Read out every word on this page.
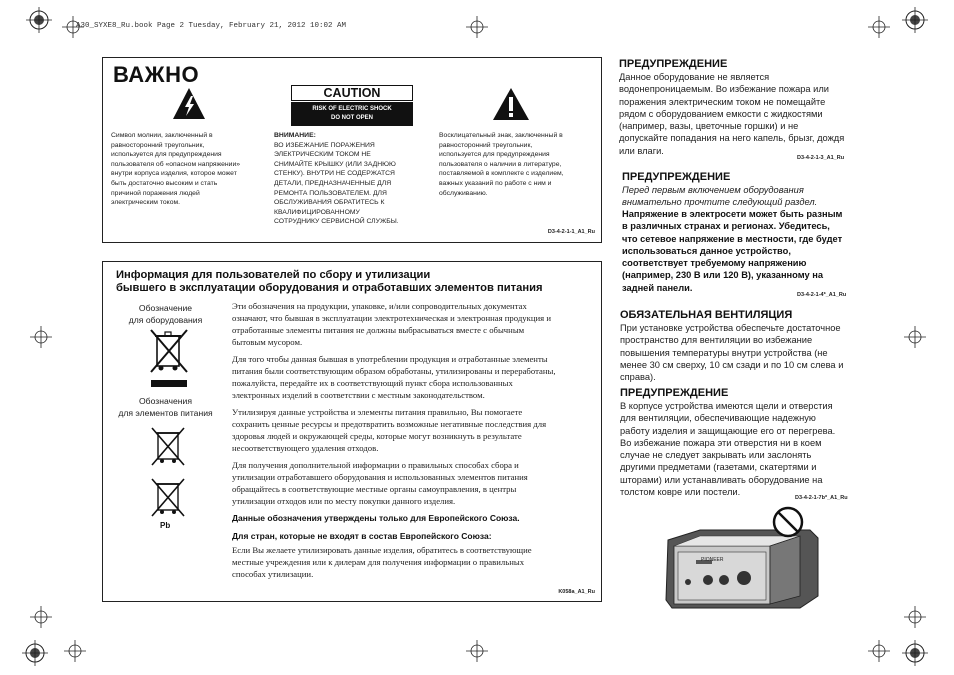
A30_SYXE8_Ru.book Page 2 Tuesday, February 21, 2012 10:02 AM
ВАЖНО
CAUTION
RISK OF ELECTRIC SHOCK
DO NOT OPEN
Символ молнии, заключенный в
равносторонний треугольник,
используется для предупреждения
пользователя об «опасном напряжении»
внутри корпуса изделия, которое может
быть достаточно высоким и стать
причиной поражения людей
электрическим током.
ВНИМАНИЕ:
ВО ИЗБЕЖАНИЕ ПОРАЖЕНИЯ
ЭЛЕКТРИЧЕСКИМ ТОКОМ НЕ
СНИМАЙТЕ КРЫШКУ (ИЛИ ЗАДНЮЮ
СТЕНКУ). ВНУТРИ НЕ СОДЕРЖАТСЯ
ДЕТАЛИ, ПРЕДНАЗНАЧЕННЫЕ ДЛЯ
РЕМОНТА ПОЛЬЗОВАТЕЛЕМ. ДЛЯ
ОБСЛУЖИВАНИЯ ОБРАТИТЕСЬ К
КВАЛИФИЦИРОВАННОМУ
СОТРУДНИКУ СЕРВИСНОЙ СЛУЖБЫ.
Восклицательный знак, заключенный в
равносторонний треугольник,
используется для предупреждения
пользователя о наличии в литературе,
поставляемой в комплекте с изделием,
важных указаний по работе с ним и
обслуживанию.
D3-4-2-1-1_A1_Ru
Информация для пользователей по сбору и утилизации
бывшего в эксплуатации оборудования и отработавших элементов питания
Обозначение
для оборудования
Обозначения
для элементов питания
Pb
Эти обозначения на продукции, упаковке, и/или сопроводительных документах
означают, что бывшая в эксплуатации электротехническая и электронная продукция и
отработанные элементы питания не должны выбрасываться вместе с обычным
бытовым мусором.
Для того чтобы данная бывшая в употреблении продукция и отработанные элементы
питания были соответствующим образом обработаны, утилизированы и переработаны,
пожалуйста, передайте их в соответствующий пункт сбора использованных
электронных изделий в соответствии с местным законодательством.
Утилизируя данные устройства и элементы питания правильно, Вы помогаете
сохранить ценные ресурсы и предотвратить возможные негативные последствия для
здоровья людей и окружающей среды, которые могут возникнуть в результате
несоответствующего удаления отходов.
Для получения дополнительной информации о правильных способах сбора и
утилизации отработавшего оборудования и использованных элементов питания
обращайтесь в соответствующие местные органы самоуправления, в центры
утилизации отходов или по месту покупки данного изделия.
Данные обозначения утверждены только для Европейского Союза.
Для стран, которые не входят в состав Европейского Союза:
Если Вы желаете утилизировать данные изделия, обратитесь в соответствующие
местные учреждения или к дилерам для получения информации о правильных
способах утилизации.
K058a_A1_Ru
ПРЕДУПРЕЖДЕНИЕ
Данное оборудование не является
водонепроницаемым. Во избежание пожара или
поражения электрическим током не помещайте
рядом с оборудованием емкости с жидкостями
(например, вазы, цветочные горшки) и не
допускайте попадания на него капель, брызг, дождя
или влаги.
D3-4-2-1-3_A1_Ru
ПРЕДУПРЕЖДЕНИЕ
Перед первым включением оборудования
внимательно прочтите следующий раздел.
Напряжение в электросети может быть разным
в различных странах и регионах. Убедитесь,
что сетевое напряжение в местности, где будет
использоваться данное устройство,
соответствует требуемому напряжению
(например, 230 В или 120 В), указанному на
задней панели.
D3-4-2-1-4*_A1_Ru
ОБЯЗАТЕЛЬНАЯ ВЕНТИЛЯЦИЯ
При установке устройства обеспечьте достаточное
пространство для вентиляции во избежание
повышения температуры внутри устройства (не
менее 30 см сверху, 10 см сзади и по 10 см слева и
справа).
ПРЕДУПРЕЖДЕНИЕ
В корпусе устройства имеются щели и отверстия
для вентиляции, обеспечивающие надежную
работу изделия и защищающие его от перегрева.
Во избежание пожара эти отверстия ни в коем
случае не следует закрывать или заслонять
другими предметами (газетами, скатертями и
шторами) или устанавливать оборудование на
толстом ковре или постели.
D3-4-2-1-7b*_A1_Ru
PIONEER
